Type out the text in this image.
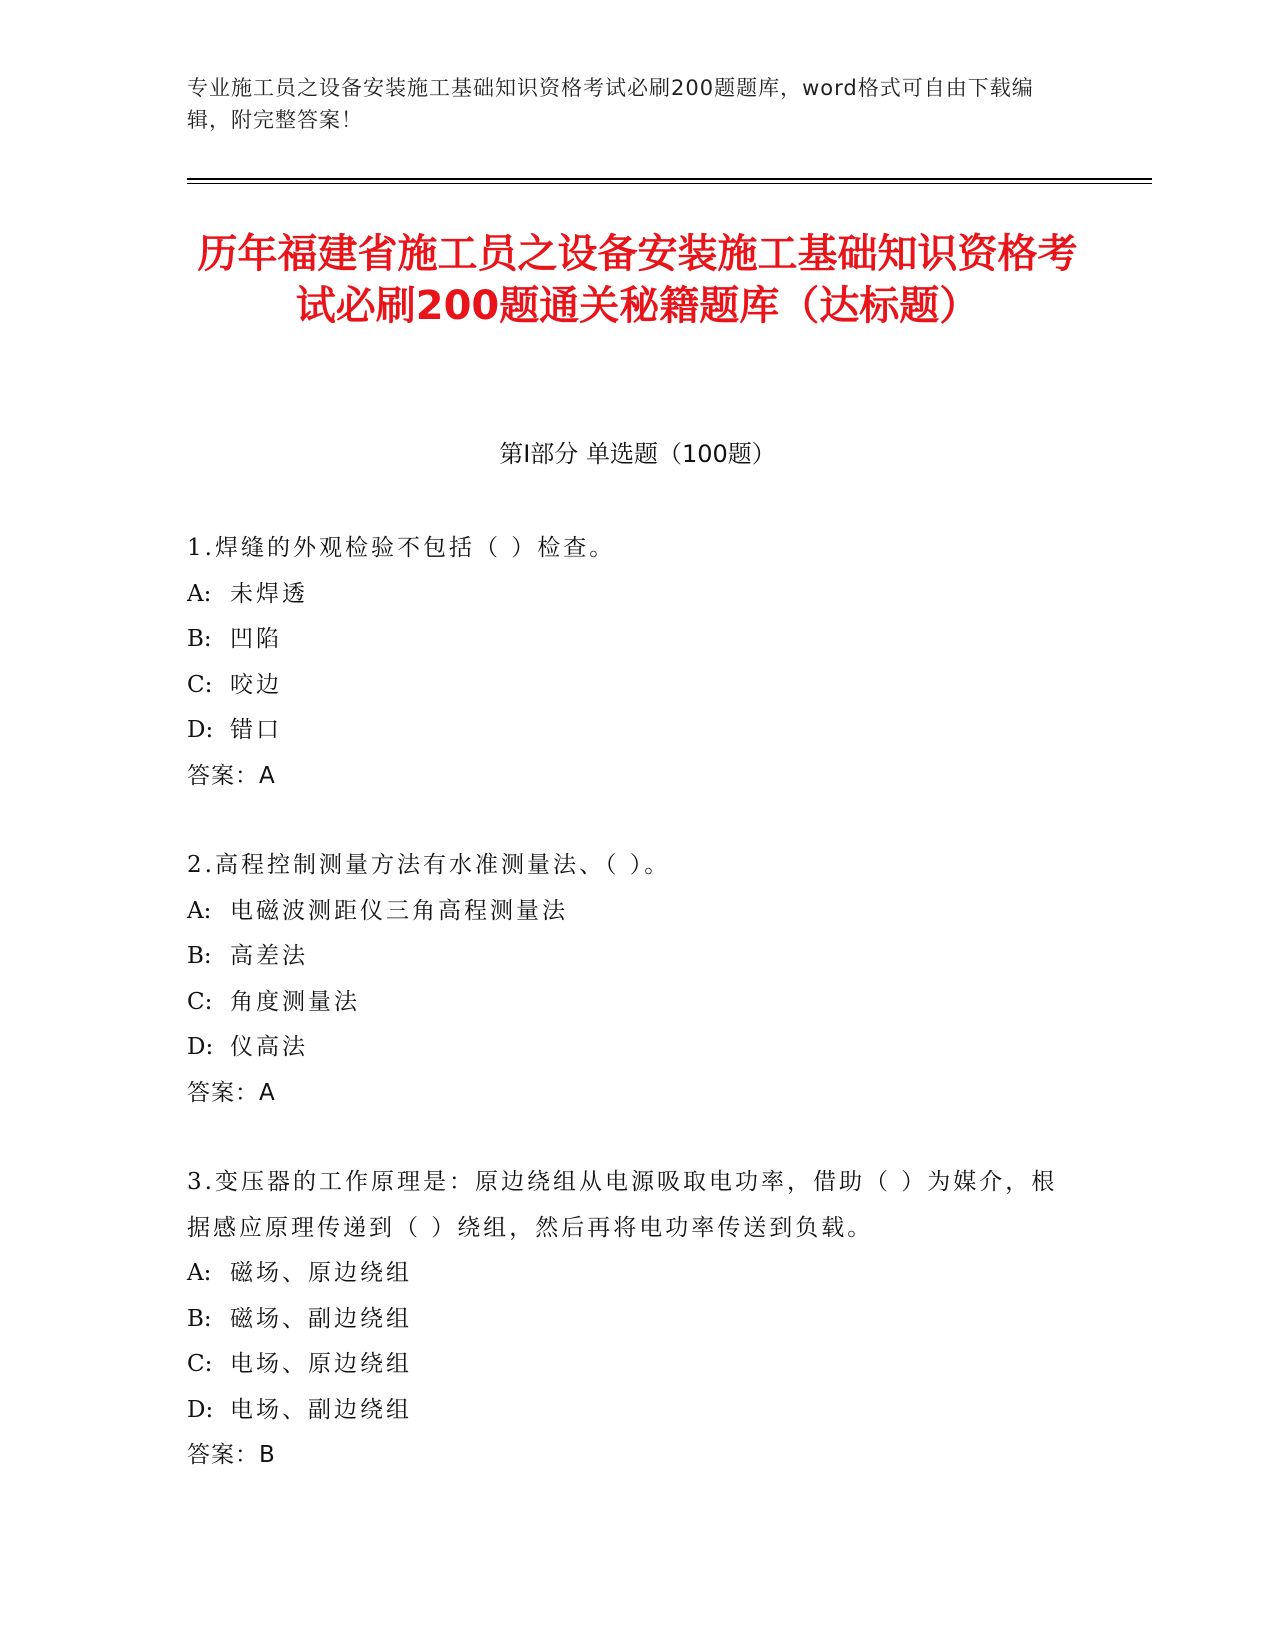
专业施工员之设备安装施工基础知识资格考试必刷200题题库，word格式可自由下载编辑，附完整答案！
历年福建省施工员之设备安装施工基础知识资格考试必刷200题通关秘籍题库（达标题）
第I部分 单选题（100题）

1.焊缝的外观检验不包括（ ）检查。

A: 未焊透

B: 凹陷

C: 咬边

D: 错口

答案：A

2.高程控制测量方法有水准测量法、（ ）。

A: 电磁波测距仪三角高程测量法

B: 高差法

C: 角度测量法

D: 仪高法

答案：A

3.变压器的工作原理是：原边绕组从电源吸取电功率，借助（ ）为媒介，根据感应原理传递到（ ）绕组，然后再将电功率传送到负载。

A: 磁场、原边绕组

B: 磁场、副边绕组

C: 电场、原边绕组

D: 电场、副边绕组

答案：B
